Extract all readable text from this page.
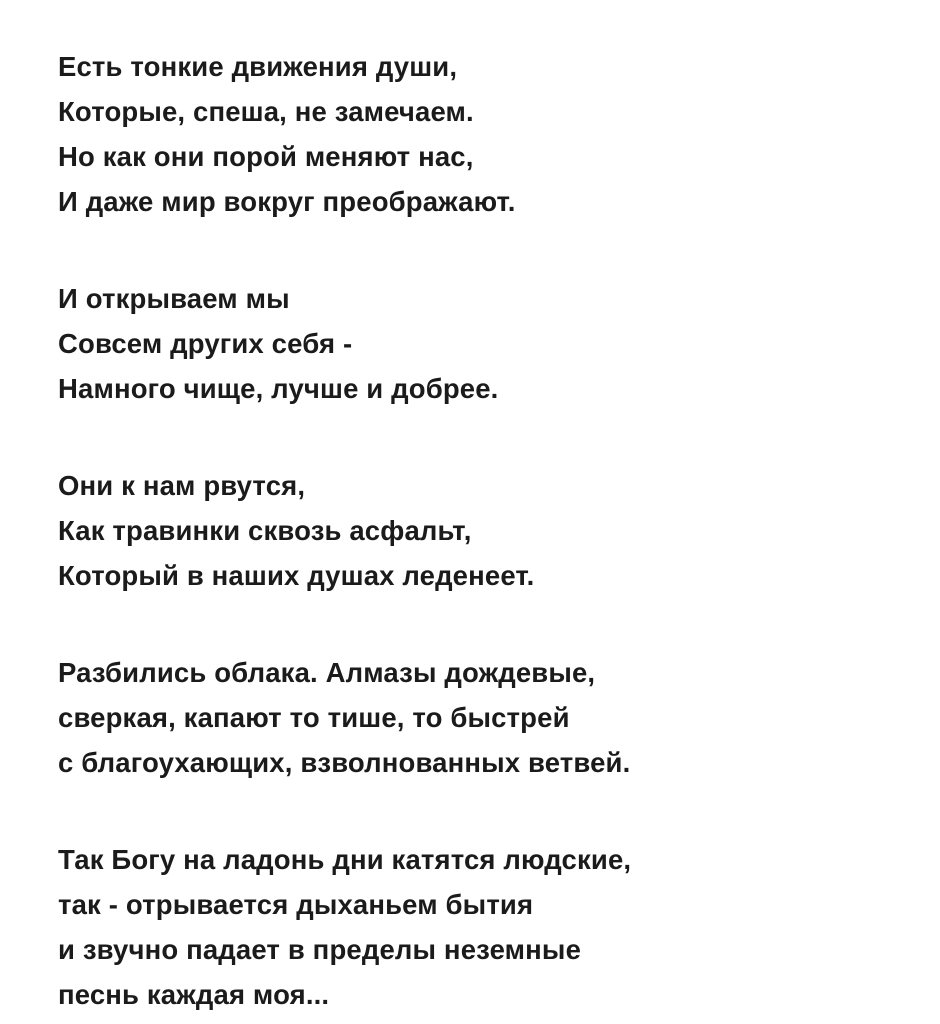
Есть тонкие движения души,
Которые, спеша, не замечаем.
Но как они порой меняют нас,
И даже мир вокруг преображают.
И открываем мы
Совсем других себя -
Намного чище, лучше и добрее.
Они к нам рвутся,
Как травинки сквозь асфальт,
Который в наших душах леденеет.
Разбились облака. Алмазы дождевые,
сверкая, капают то тише, то быстрей
с благоухающих, взволнованных ветвей.
Так Богу на ладонь дни катятся людские,
так - отрывается дыханьем бытия
и звучно падает в пределы неземные
песнь каждая моя...
